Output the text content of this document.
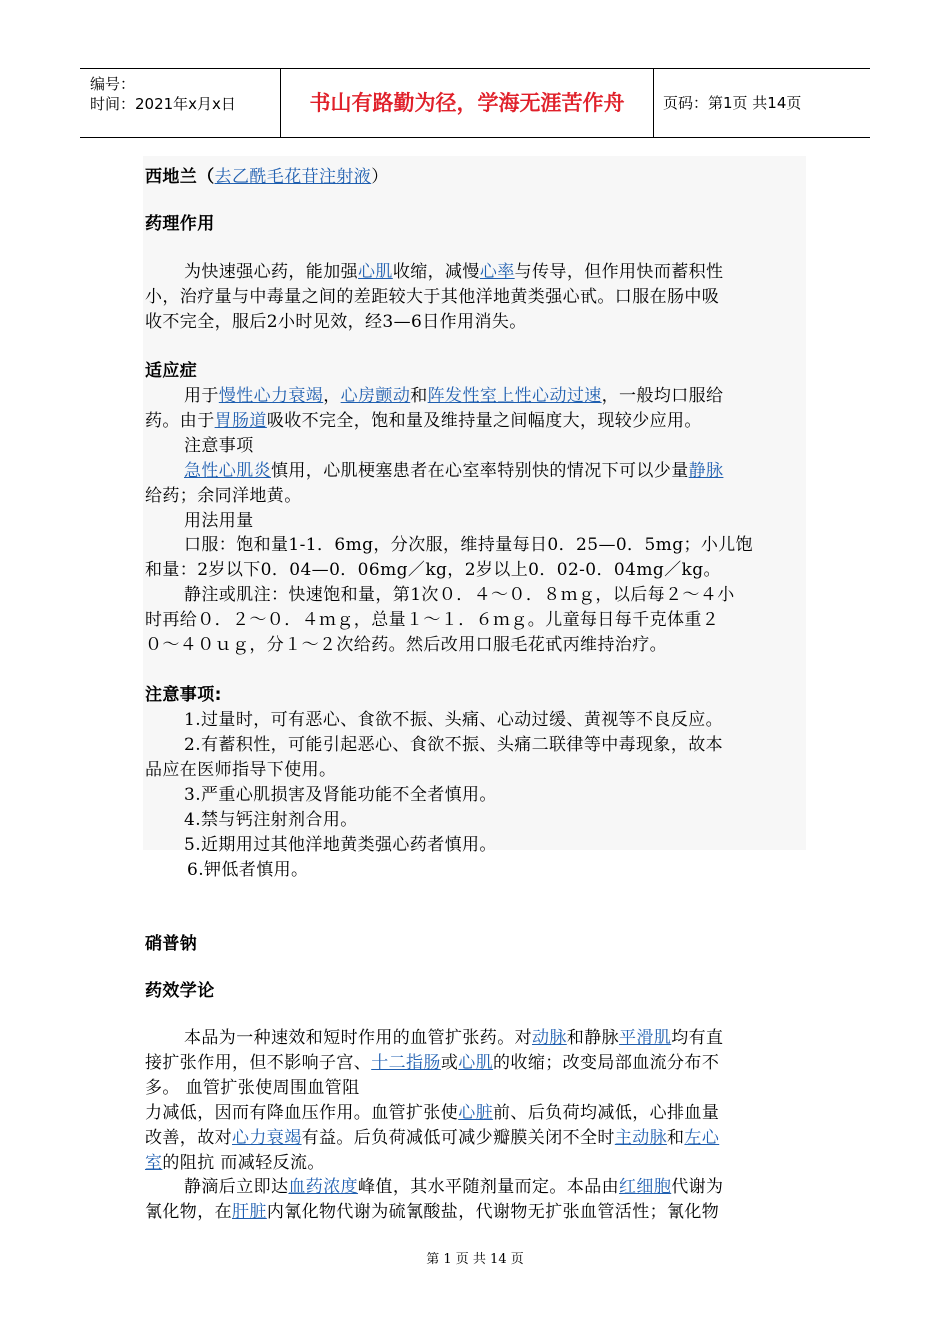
编号：
时间：2021年x月x日	书山有路勤为径，学海无涯苦作舟	页码：第1页 共14页
西地兰（去乙酰毛花苷注射液）
药理作用
为快速强心药，能加强心肌收缩，减慢心率与传导，但作用快而蓄积性
小，治疗量与中毒量之间的差距较大于其他洋地黄类强心甙。口服在肠中吸
收不完全，服后2小时见效，经3—6日作用消失。
适应症
用于慢性心力衰竭，心房颤动和阵发性室上性心动过速，一般均口服给
药。由于胃肠道吸收不完全，饱和量及维持量之间幅度大，现较少应用。
注意事项
急性心肌炎慎用，心肌梗塞患者在心室率特别快的情况下可以少量静脉
给药；余同洋地黄。
用法用量
口服：饱和量1-1．6mg，分次服，维持量每日0．25—0．5mg；小儿饱
和量：2岁以下0．04—0．06mg／kg，2岁以上0．02-0．04mg／kg。
静注或肌注：快速饱和量，第1次０．４～０．８ｍｇ，以后每２～４小
时再给０．２～０．４ｍｇ，总量１～１．６ｍｇ。儿童每日每千克体重２
０～４０ｕｇ，分１～２次给药。然后改用口服毛花甙丙维持治疗。
注意事项:
1.过量时，可有恶心、食欲不振、头痛、心动过缓、黄视等不良反应。
2.有蓄积性，可能引起恶心、食欲不振、头痛二联律等中毒现象，故本
品应在医师指导下使用。
3.严重心肌损害及肾能功能不全者慎用。
4.禁与钙注射剂合用。
5.近期用过其他洋地黄类强心药者慎用。
6.钾低者慎用。
硝普钠
药效学论
本品为一种速效和短时作用的血管扩张药。对动脉和静脉平滑肌均有直
接扩张作用，但不影响子宫、十二指肠或心肌的收缩；改变局部血流分布不
多。 血管扩张使周围血管阻
力减低，因而有降血压作用。血管扩张使心脏前、后负荷均减低，心排血量
改善，故对心力衰竭有益。后负荷减低可减少瓣膜关闭不全时主动脉和左心
室的阻抗 而减轻反流。
静滴后立即达血药浓度峰值，其水平随剂量而定。本品由红细胞代谢为
氰化物，在肝脏内氰化物代谢为硫氰酸盐，代谢物无扩张血管活性；氰化物
第 1 页 共 14 页
